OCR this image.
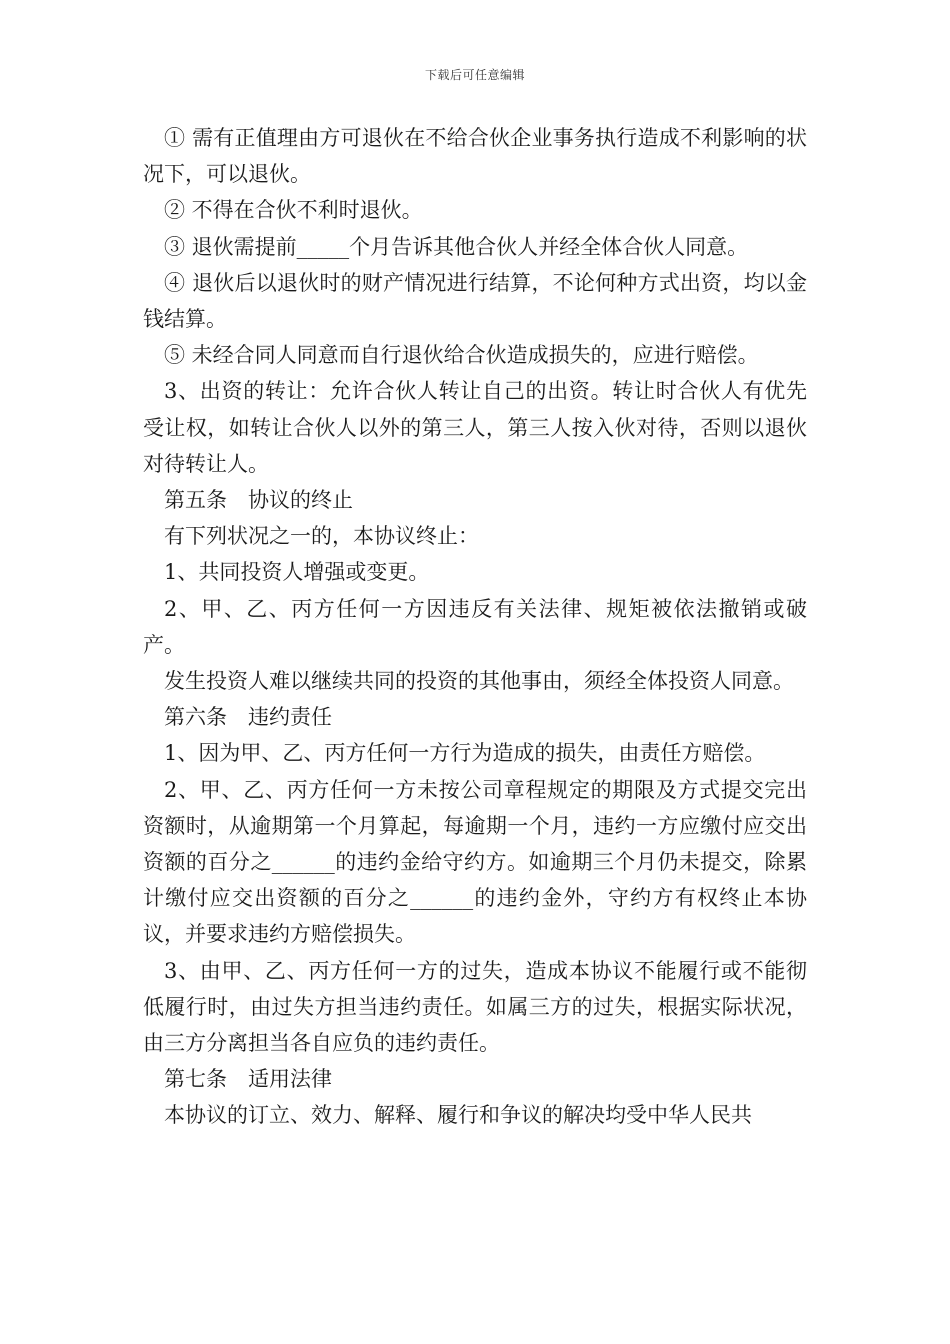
下载后可任意编辑

① 需有正值理由方可退伙在不给合伙企业事务执行造成不利影响的状况下，可以退伙。

② 不得在合伙不利时退伙。

③ 退伙需提前_____个月告诉其他合伙人并经全体合伙人同意。

④ 退伙后以退伙时的财产情况进行结算，不论何种方式出资，均以金钱结算。

⑤ 未经合同人同意而自行退伙给合伙造成损失的，应进行赔偿。

3、出资的转让：允许合伙人转让自己的出资。转让时合伙人有优先受让权，如转让合伙人以外的第三人，第三人按入伙对待，否则以退伙对待转让人。

第五条　协议的终止

有下列状况之一的，本协议终止：

1、共同投资人增强或变更。

2、甲、乙、丙方任何一方因违反有关法律、规矩被依法撤销或破产。

发生投资人难以继续共同的投资的其他事由，须经全体投资人同意。

第六条　违约责任

1、因为甲、乙、丙方任何一方行为造成的损失，由责任方赔偿。

2、甲、乙、丙方任何一方未按公司章程规定的期限及方式提交完出资额时，从逾期第一个月算起，每逾期一个月，违约一方应缴付应交出资额的百分之______的违约金给守约方。如逾期三个月仍未提交，除累计缴付应交出资额的百分之______的违约金外，守约方有权终止本协议，并要求违约方赔偿损失。

3、由甲、乙、丙方任何一方的过失，造成本协议不能履行或不能彻低履行时，由过失方担当违约责任。如属三方的过失，根据实际状况，由三方分离担当各自应负的违约责任。

第七条　适用法律

本协议的订立、效力、解释、履行和争议的解决均受中华人民共
